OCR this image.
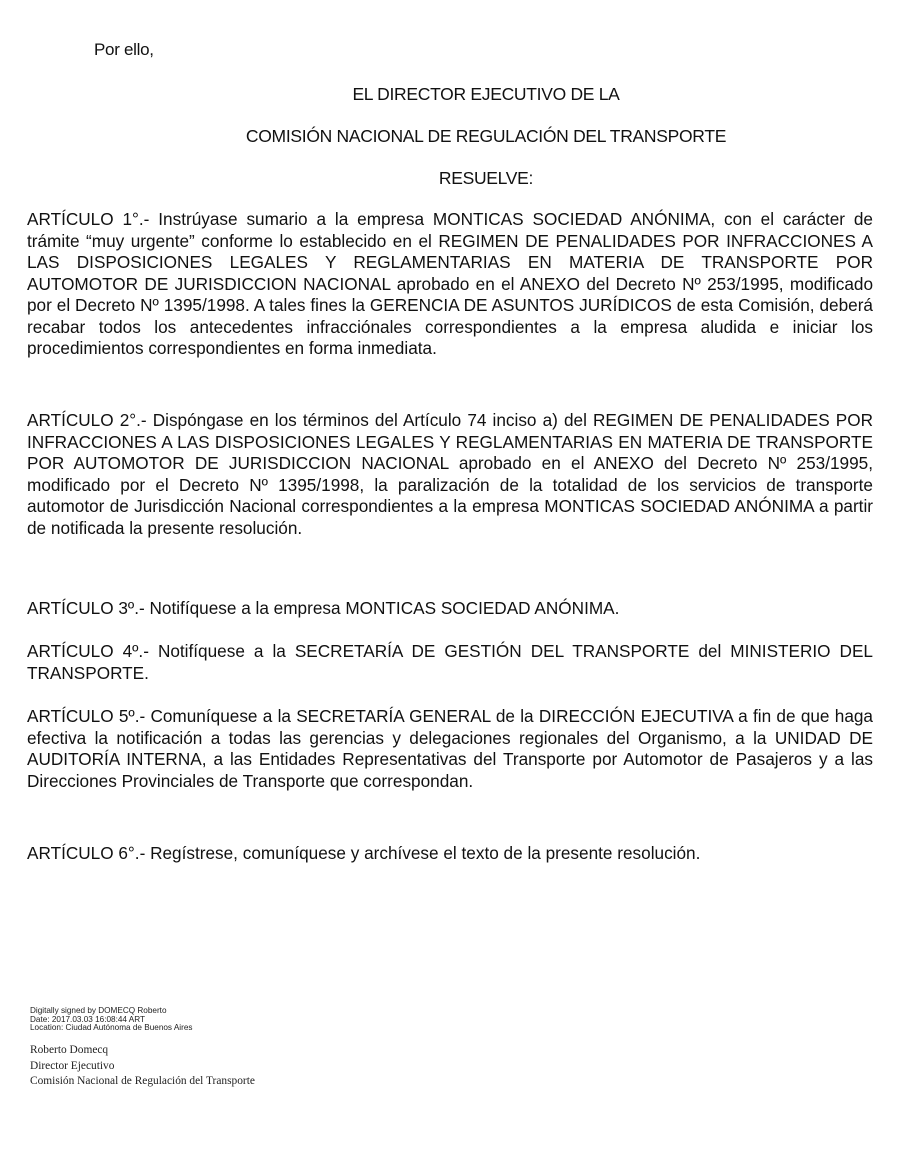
Por ello,
EL DIRECTOR EJECUTIVO DE LA
COMISIÓN NACIONAL DE REGULACIÓN DEL TRANSPORTE
RESUELVE:

ARTÍCULO 1°.- Instrúyase sumario a la empresa MONTICAS SOCIEDAD ANÓNIMA, con el carácter de trámite “muy urgente” conforme lo establecido en el REGIMEN DE PENALIDADES POR INFRACCIONES A LAS DISPOSICIONES LEGALES Y REGLAMENTARIAS EN MATERIA DE TRANSPORTE POR AUTOMOTOR DE JURISDICCION NACIONAL aprobado en el ANEXO del Decreto Nº 253/1995, modificado por el Decreto Nº 1395/1998. A tales fines la GERENCIA DE ASUNTOS JURÍDICOS de esta Comisión, deberá recabar todos los antecedentes infracciónales correspondientes a la empresa aludida e iniciar los procedimientos correspondientes en forma inmediata.

ARTÍCULO 2°.- Dispóngase en los términos del Artículo 74 inciso a) del REGIMEN DE PENALIDADES POR INFRACCIONES A LAS DISPOSICIONES LEGALES Y REGLAMENTARIAS EN MATERIA DE TRANSPORTE POR AUTOMOTOR DE JURISDICCION NACIONAL aprobado en el ANEXO del Decreto Nº 253/1995, modificado por el Decreto Nº 1395/1998, la paralización de la totalidad de los servicios de transporte automotor de Jurisdicción Nacional correspondientes a la empresa MONTICAS SOCIEDAD ANÓNIMA a partir de notificada la presente resolución.

ARTÍCULO 3º.- Notifíquese a la empresa MONTICAS SOCIEDAD ANÓNIMA.

ARTÍCULO 4º.- Notifíquese a la SECRETARÍA DE GESTIÓN DEL TRANSPORTE del MINISTERIO DEL TRANSPORTE.

ARTÍCULO 5º.- Comuníquese a la SECRETARÍA GENERAL de la DIRECCIÓN EJECUTIVA a fin de que haga efectiva la notificación a todas las gerencias y delegaciones regionales del Organismo, a la UNIDAD DE AUDITORÍA INTERNA, a las Entidades Representativas del Transporte por Automotor de Pasajeros y a las Direcciones Provinciales de Transporte que correspondan.

ARTÍCULO 6°.- Regístrese, comuníquese y archívese el texto de la presente resolución.

Digitally signed by DOMECQ Roberto
Date: 2017.03.03 16:08:44 ART
Location: Ciudad Autónoma de Buenos Aires
Roberto Domecq
Director Ejecutivo
Comisión Nacional de Regulación del Transporte
